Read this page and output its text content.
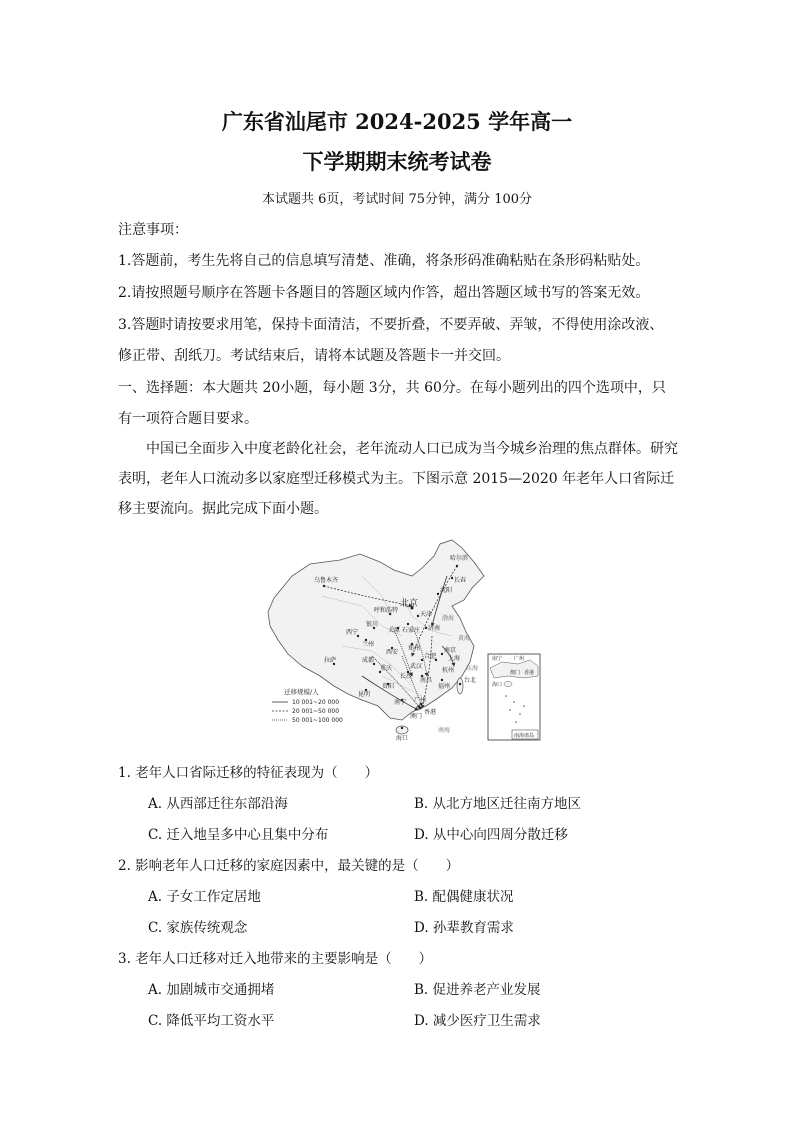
广东省汕尾市 2024-2025 学年高一
下学期期末统考试卷
本试题共 6页，考试时间 75分钟，满分 100分
注意事项：
1.答题前，考生先将自己的信息填写清楚、准确，将条形码准确粘贴在条形码粘贴处。
2.请按照题号顺序在答题卡各题目的答题区域内作答，超出答题区域书写的答案无效。
3.答题时请按要求用笔，保持卡面清洁，不要折叠，不要弄破、弄皱，不得使用涂改液、
修正带、刮纸刀。考试结束后，请将本试题及答题卡一并交回。
一、选择题：本大题共 20小题，每小题 3分，共 60分。在每小题列出的四个选项中，只
有一项符合题目要求。
中国已全面步入中度老龄化社会，老年流动人口已成为当今城乡治理的焦点群体。研究表明，老年人口流动多以家庭型迁移模式为主。下图示意 2015—2020 年老年人口省际迁移主要流向。据此完成下面小题。
乌鲁木齐
哈尔滨
长春
北京
呼和浩特
沈阳
天津
石家庄
太原	济南
银川
西宁
兰州
郑州
西安	南京
上海
合肥
武汉
拉萨	成都
重庆
长沙
南昌
杭州
福州
贵阳
昆明
南宁 广州
香港
澳门
海口
台北
渤海
黄海
东海
南海
迁移规模/人
10 001~20 000
20 001~50 000
50 001~100 000
南宁 广州
海口
澳门 香港
南海诸岛
1. 老年人口省际迁移的特征表现为（　　）
A. 从西部迁往东部沿海	B. 从北方地区迁往南方地区
C. 迁入地呈多中心且集中分布	D. 从中心向四周分散迁移
2. 影响老年人口迁移的家庭因素中，最关键的是（　　）
A. 子女工作定居地	B. 配偶健康状况
C. 家族传统观念	D. 孙辈教育需求
3. 老年人口迁移对迁入地带来的主要影响是（　　）
A. 加剧城市交通拥堵	B. 促进养老产业发展
C. 降低平均工资水平	D. 减少医疗卫生需求
